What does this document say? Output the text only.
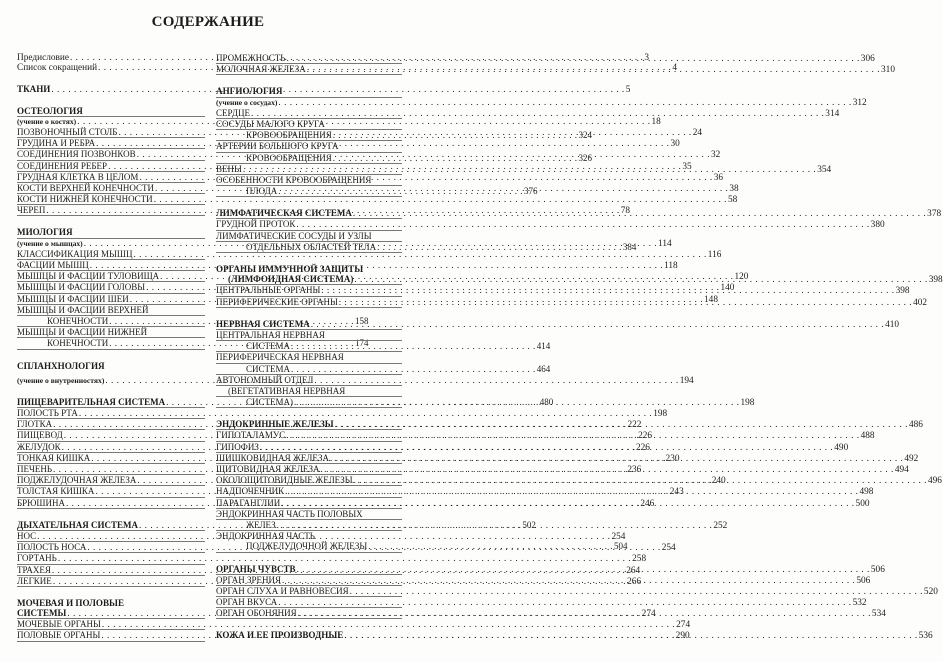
СОДЕРЖАНИЕ
Предисловие . . .	3
Список сокращений . . .	4
ТКАНИ . . .	5
ОСТЕОЛОГИЯ
(учение о костях) . . .	18
ПОЗВОНОЧНЫЙ СТОЛБ . . .	24
ГРУДИНА И РЕБРА . . .	30
СОЕДИНЕНИЯ ПОЗВОНКОВ . . .	32
СОЕДИНЕНИЯ РЕБЕР . . .	35
ГРУДНАЯ КЛЕТКА В ЦЕЛОМ . . .	36
КОСТИ ВЕРХНЕЙ КОНЕЧНОСТИ . . .	38
КОСТИ НИЖНЕЙ КОНЕЧНОСТИ . . .	58
ЧЕРЕП . . .	78
МИОЛОГИЯ
(учение о мышцах) . . .	114
КЛАССИФИКАЦИЯ МЫШЦ . . .	116
ФАСЦИИ МЫШЦ . . .	118
МЫШЦЫ И ФАСЦИИ ТУЛОВИЩА . . .	120
МЫШЦЫ И ФАСЦИИ ГОЛОВЫ . . .	140
МЫШЦЫ И ФАСЦИИ ШЕИ . . .	148
МЫШЦЫ И ФАСЦИИ ВЕРХНЕЙ
КОНЕЧНОСТИ . . .	158
МЫШЦЫ И ФАСЦИИ НИЖНЕЙ
КОНЕЧНОСТИ . . .	174
СПЛАНХНОЛОГИЯ
(учение о внутренностях) . . .	194
ПИЩЕВАРИТЕЛЬНАЯ СИСТЕМА . . .	198
ПОЛОСТЬ РТА . . .	198
ГЛОТКА . . .	222
ПИЩЕВОД . . .	226
ЖЕЛУДОК . . .	226
ТОНКАЯ КИШКА . . .	230
ПЕЧЕНЬ . . .	236
ПОДЖЕЛУДОЧНАЯ ЖЕЛЕЗА . . .	240
ТОЛСТАЯ КИШКА . . .	243
БРЮШИНА . . .	246
ДЫХАТЕЛЬНАЯ СИСТЕМА . . .	252
НОС . . .	254
ПОЛОСТЬ НОСА . . .	254
ГОРТАНЬ . . .	258
ТРАХЕЯ . . .	264
ЛЕГКИЕ . . .	266
МОЧЕВАЯ И ПОЛОВЫЕ
СИСТЕМЫ . . .	274
МОЧЕВЫЕ ОРГАНЫ . . .	274
ПОЛОВЫЕ ОРГАНЫ . . .	290
ПРОМЕЖНОСТЬ . . .	306
МОЛОЧНАЯ ЖЕЛЕЗА . . .	310
АНГИОЛОГИЯ
(учение о сосудах) . . .	312
СЕРДЦЕ . . .	314
СОСУДЫ МАЛОГО КРУГА
КРОВООБРАЩЕНИЯ . . .	324
АРТЕРИИ БОЛЬШОГО КРУГА
КРОВООБРАЩЕНИЯ . . .	326
ВЕНЫ . . .	354
ОСОБЕННОСТИ КРОВООБРАЩЕНИЯ
ПЛОДА . . .	376
ЛИМФАТИЧЕСКАЯ СИСТЕМА . . .	378
ГРУДНОЙ ПРОТОК . . .	380
ЛИМФАТИЧЕСКИЕ СОСУДЫ И УЗЛЫ
ОТДЕЛЬНЫХ ОБЛАСТЕЙ ТЕЛА . . .	384
ОРГАНЫ ИММУННОЙ ЗАЩИТЫ
(ЛИМФОИДНАЯ СИСТЕМА) . . .	398
ЦЕНТРАЛЬНЫЕ ОРГАНЫ . . .	398
ПЕРИФЕРИЧЕСКИЕ ОРГАНЫ . . .	402
НЕРВНАЯ СИСТЕМА . . .	410
ЦЕНТРАЛЬНАЯ НЕРВНАЯ
СИСТЕМА . . .	414
ПЕРИФЕРИЧЕСКАЯ НЕРВНАЯ
СИСТЕМА . . .	464
АВТОНОМНЫЙ ОТДЕЛ
(ВЕГЕТАТИВНАЯ НЕРВНАЯ
СИСТЕМА) . . .	480
ЭНДОКРИННЫЕ ЖЕЛЕЗЫ . . .	486
ГИПОТАЛАМУС . . .	488
ГИПОФИЗ . . .	490
ШИШКОВИДНАЯ ЖЕЛЕЗА . . .	492
ЩИТОВИДНАЯ ЖЕЛЕЗА . . .	494
ОКОЛОЩИТОВИДНЫЕ ЖЕЛЕЗЫ . . .	496
НАДПОЧЕЧНИК . . .	498
ПАРАГАНГЛИИ . . .	500
ЭНДОКРИННАЯ ЧАСТЬ ПОЛОВЫХ
ЖЕЛЕЗ . . .	502
ЭНДОКРИННАЯ ЧАСТЬ
ПОДЖЕЛУДОЧНОЙ ЖЕЛЕЗЫ . . .	504
ОРГАНЫ ЧУВСТВ . . .	506
ОРГАН ЗРЕНИЯ . . .	506
ОРГАН СЛУХА И РАВНОВЕСИЯ . . .	520
ОРГАН ВКУСА . . .	532
ОРГАН ОБОНЯНИЯ . . .	534
КОЖА И ЕЕ ПРОИЗВОДНЫЕ . . .	536
